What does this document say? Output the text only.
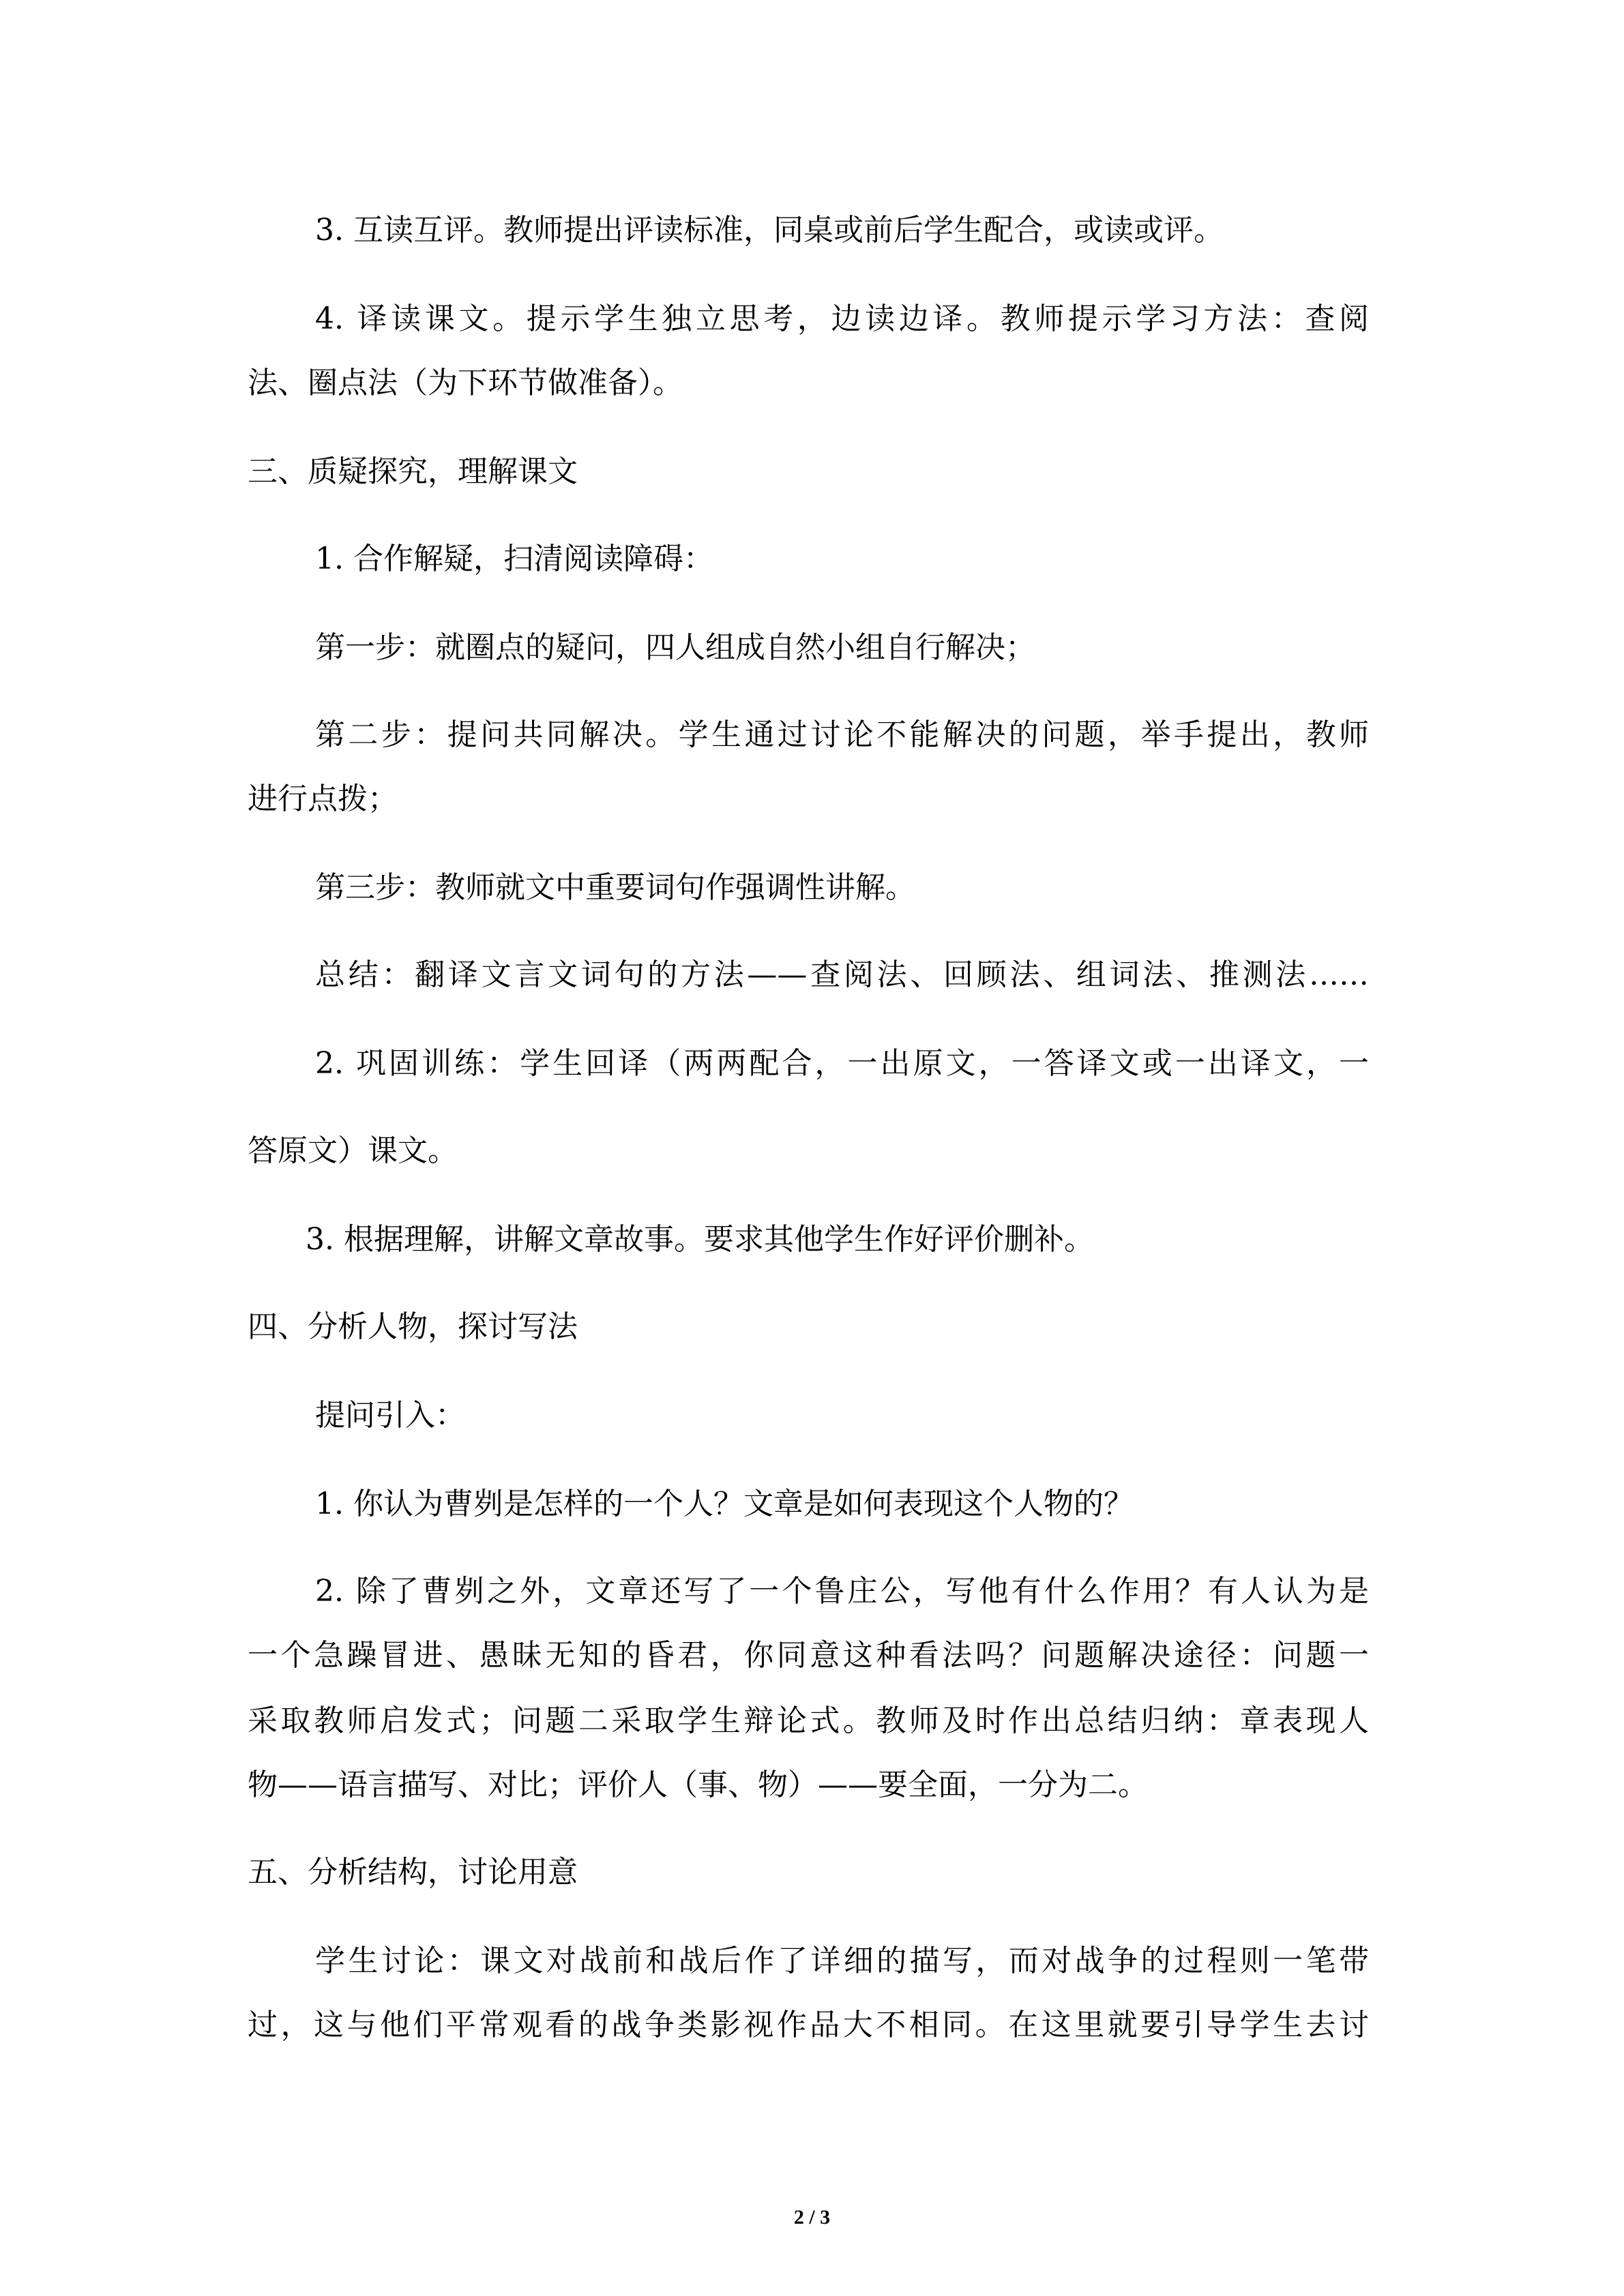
3. 互读互评。教师提出评读标准，同桌或前后学生配合，或读或评。
4. 译读课文。提示学生独立思考，边读边译。教师提示学习方法：查阅
法、圈点法（为下环节做准备）。
三、质疑探究，理解课文
1. 合作解疑，扫清阅读障碍：
第一步：就圈点的疑问，四人组成自然小组自行解决；
第二步：提问共同解决。学生通过讨论不能解决的问题，举手提出，教师
进行点拨；
第三步：教师就文中重要词句作强调性讲解。
总结：翻译文言文词句的方法——查阅法、回顾法、组词法、推测法……
2. 巩固训练：学生回译（两两配合，一出原文，一答译文或一出译文，一
答原文）课文。
3. 根据理解，讲解文章故事。要求其他学生作好评价删补。
四、分析人物，探讨写法
提问引入：
1. 你认为曹刿是怎样的一个人？文章是如何表现这个人物的？
2. 除了曹刿之外，文章还写了一个鲁庄公，写他有什么作用？有人认为是
一个急躁冒进、愚昧无知的昏君，你同意这种看法吗？问题解决途径：问题一
采取教师启发式；问题二采取学生辩论式。教师及时作出总结归纳：章表现人
物——语言描写、对比；评价人（事、物）——要全面，一分为二。
五、分析结构，讨论用意
学生讨论：课文对战前和战后作了详细的描写，而对战争的过程则一笔带
过，这与他们平常观看的战争类影视作品大不相同。在这里就要引导学生去讨
2 / 3
